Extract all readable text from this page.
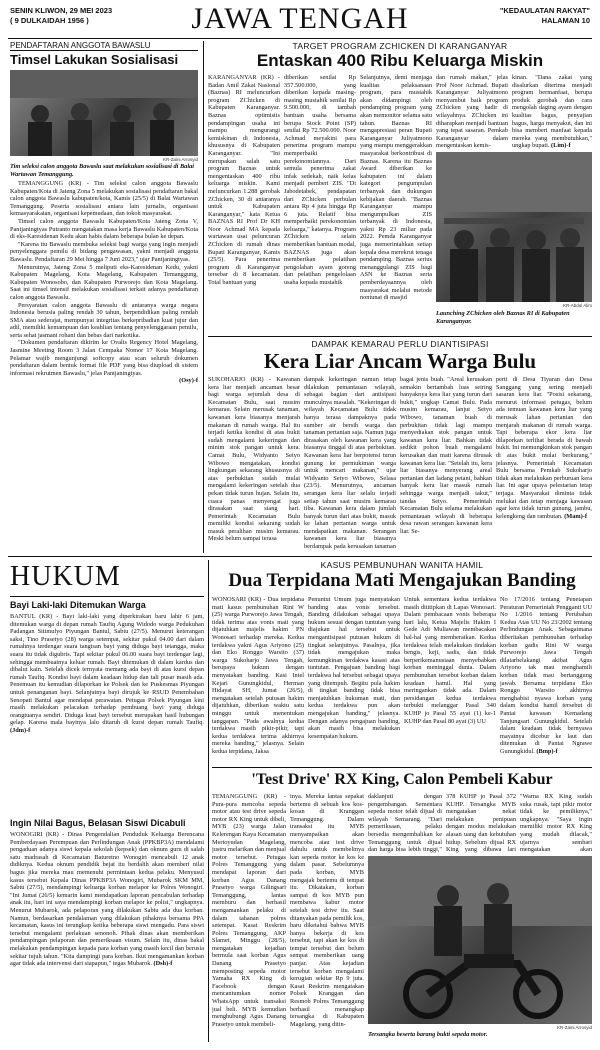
SENIN KLIWON, 29 MEI 2023
( 9 DULKAIDAH 1956 )	JAWA TENGAH	"KEDAULATAN RAKYAT"
HALAMAN 10
PENDAFTARAN ANGGOTA BAWASLU
Timsel Lakukan Sosialisasi
KR-Zaini Arrosyid
Tim seleksi calon anggota Bawaslu saat melakukan sosialisasi di Balai Wartawan Temanggung.

TEMANGGUNG (KR) - Tim seleksi calon anggota Bawaslu Kabupaten/Kota di Jateng Zona 5 melakukan sosialisasi pendaftaran bakal calon anggota Bawaslu kabupaten/kota, Kamis (25/5) di Balai Wartawan Temanggung. Peserta sosialisasi antara lain jurnalis, organisasi kemasyarakatan, organisasi kepemudaan, dan tokoh masyarakat.

Timsel calon anggota Bawaslu Kabupaten/Kota Jateng Zona V, Pantjaningtyas Putranto mengatakan masa kerja Bawaslu Kabupaten/Kota di eks-Karesidenan Kedu akan habis dalam beberapa bulan ke depan.

"Karena itu Bawaslu membuka seleksi bagi warga yang ingin menjadi penyelenggara pemilu di bidang pengawasan, yakni menjadi anggota Bawaslu. Pendaftaran 29 Mei hingga 7 Juni 2023," ujar Pantjaningtyas.

Menurutnya, Jateng Zona 5 meliputi eks-Karesidenan Kedu, yakni Kabupaten Magelang, Kota Magelang, Kabupaten Temanggung, Kabupaten Wonosobo, dan Kabupaten Purworejo dan Kota Magelang. Saat ini timsel intensif melakukan sosialisasi terkait adanya pendaftaran calon anggota Bawaslu.

Persyaratan calon anggota Bawaslu di antaranya warga negara Indonesia berusia paling rendah 30 tahun, berpendidikan paling rendah SMA atau sederajat, mempunyai integritas berkepribadian kuat jujur dan adil, memiliki kemampuan dan keahlian tentang penyelenggaraan pemilu, serta sehat jasmani rohani dan bebas dari narkotika.

"Dokumen pendaftaran dikirim ke Ovalis Regency Hotel Magelang, Jasmine Meeting Room 3 Jalan Cempaka Nomor 17 Kota Magelang. Pelamar wajib mengunjungi softcopy atau scan seluruh dokumen pendaftaran dalam bentuk format file PDF yang bisa diupload di sistem informasi rekrutmen Bawaslu," jelas Pantjaningtyas.

(Osy)-f
TARGET PROGRAM ZCHICKEN DI KARANGANYAR
Entaskan 400 Ribu Keluarga Miskin
KARANGANYAR (KR) - Badan Amil Zakat Nasional (Baznas) RI meluncurkan program ZChicken di Kabupaten Karanganyar. Baznas optimistis pendampingan usaha ini mampu mengurangi kemiskinan di Indonesia, khususnya di Kabupaten Karanganyar. "Ini merupakan salah satu program Baznas untuk mengentaskan 400 ribu keluarga miskin. Kami meluncurkan 1.288 gerobak ZChicken, 30 di antaranya untuk Kabupaten Karanganyar," kata Ketua BAZNAS RI Prof Dr KH Noor Achmad MA kepada wartawan usai peluncuran ZChicken di rumah dinas Bupati Karanganyar, Kamis (25/5). Para penerima program di Karanganyar tersebar di 8 kecamatan. Total bantuan yang
diberikan senilai Rp 357.500.000, yang diberikan kepada masing-masing mustahik senilai Rp 9.500.000, di tambah bantuan usaha bersama berupa Stock Point (SP) senilai Rp 72.500.000. Noor Achmad meyakini para penerima program mampu memperbaiki perekonomiannya. Dari semula penerima zakat infak sedekah, naik kelas menjadi pemberi ZIS. "Di Jabodetabek, pendapatan dari ZChicken perbulan antara Rp 4 juta hingga Rp 6 juta. Relatif bisa memperbaiki perekonomian keluarga," katanya. Program ZChicken selain memberikan bantuan modal, BAZNAS juga akan memberikan pelatihan pengolahan ayam goreng dan pelatihan pengelolaan usaha kepada mustahik
Selanjutnya, demi menjaga kualitas pelaksanaan program, para mustahik akan didampingi oleh pendamping program yang akan memonitor selama satu tahun. Baznas RI mengapresiasi peran Bupati Karanganyar Juliyatmono yang mampu menggerakkan masyarakat berkontribusi di Baznas. Karena itu Baznas Award diberikan ke kabupaten ini dalam kategori pengumpulan terbanyak dan dukungan kebijakan daerah. "Baznas Karanganyar mampu mengumpulkan ZIS terbanyak di Indonesia, yakni Rp 23 miliar pada 2022. Pemda Karanganyar juga memerintahkan setiap kepala desa merekrut tenaga pendamping. Baznas serius menanggulangi ZIS bagi ASN ke Baznas serta pemberdayaannya oleh masyarakat melalui metode nontunai di masjid
dan rumah makan," jelas Prof Noor Achmad. Bupati Karanganyar Juliyatmono menyambut baik program ZChicken yang hadir di wilayahnya. ZChicken ini diharapkan menjadi bantuan yang tepat sasaran. Pemkab Karanganyar dalam mengentaskan kemis-
kinan. "Dana zakat yang disalurkan diterima menjadi program bermanfaat, berupa produk gerobak dan cara mengolah daging ayam dengan kualitas bagus, penyajian bagus, harga menyakut, dan ini bisa memberi manfaat kepada mereka yang membutuhkan," ungkap bupati. (Lim)-f
KR-Abdul Alim
Launching ZChicken oleh Baznas RI di Kabupaten Karanganyar.
DAMPAK KEMARAU PERLU DIANTISIPASI
Kera Liar Ancam Warga Bulu
SUKOHARJO (KR) - Kawanan kera liar menjadi ancaman besar bagi warga sejumlah desa di Kecamatan Bulu, saat musim kemarau. Selain merusak tanaman, kawanan kera biasanya menjarah makanan di rumah warga. Hal itu terjadi ketika kondisi di atas bukit sudah mengalami kekeringan dan minim stok pangan untuk kera. Camat Bulu, Widyanto Setyo Wibowo mengatakan, kondisi lingkungan sekarang khususnya di atas perbukitan sudah mulai mengalami kekeringan setelah dua pekan tidak turun hujan. Selain itu, cuaca panas menyengat juga dirasakan saat siang hari. Pemerintah Kecamatan Bulu memiliki kondisi sekarang sudah masuk peralihan musim kemarau. Meski belum sampai terasa
dampak kekeringan namun tetap dilakukan pemantauan wilayah, sebagai bagian dari antisipasi munculnya masalah. "Kekeringan di wilayah Kecamatan Bulu tidak hanya terasa dampaknya pada sumber air bersih warga dan tanaman pertanian saja. Namun juga dirasakan oleh kawanan kera yang biasanya tinggal di atas perbukitan. Kawanan kera liar berpotensi turun gunung ke permukiman warga untuk mencari makanan," ujar Widyanto Setyo Wibowo, Selasa (23/5). Menurutnya, ancaman serangan kera liar selalu terjadi setiap tahun saat musim kemarau tiba. Kawanan kera dalam jumlah banyak turun dari atas bukit, masuk ke lahan pertanian warga untuk mendapatkan makanan. Serangan kawanan kera liar biasanya berdampak pada kerusakan tanaman
bagai jenis buah. "Areal kerusakan semakin bertambah luas seiring banyaknya kera liar yang turun dari bukit," ungkap Camat Bulu. Pada musim kemarau, lanjut Setyo Wibowo, tanaman buah di perbukitan tidak lagi mampu menyediakan stok pangan untuk kawanan kera liar. Bahkan tidak sedikit pohon buah mengalami kerusakan dan mati karena dirusak kawanan kera liar. "Setelah itu, kera liar biasanya menyerang areal pertanian dan ladang petani, bahkan banyak kera liar masuk rumah sehingga warga menjadi takut," tandas Setyo. Pemerintah Kecamatan Bulu selama melakukan pemantauan wilayah di beberapa desa rawan serangan kawanan kera liar. Se-
perti di Desa Tiyaran dan Desa Sanggang yang sering menjadi sasaran kera liar. "Posisi sekarang, menurut informasi petugas, belum ada temuan kawanan kera liar yang merusak lahan pertanian dan menjarah makanan di rumah warga. Tapi beberapa ekor kera liar dilaporkan terlihat berada di bawah bukit. Ini memungkinkan stok pangan di atas bukit mulai berkurang," jelasnya. Pemerintah Kecamatan Bulu bersama Pemkab Sukoharjo tidak akan melakukan perburuan kera liar. Ini agar upaya pelestarian tetap terjaga. Masyarakat diminta tidak melukai dan tetap menjaga kawasan agar kera tidak turun gunung, jambu, kelengkeng dan rambutan. (Mam)-f
HUKUM
Bayi Laki-laki Ditemukan Warga
BANTUL (KR) - Bayi laki-laki yang diperkirakan baru lahir 6 jam, ditemukan warga di depan rumah Taufiq Agung Widodo warga Pedukuhan Padangan Sitimulyo Piyungan Bantul, Sabtu (27/5). Menurut keterangan saksi, Tino Prasetyo (28) warga setempat, sekitar pukul 04.00 dari dalam rumahnya terdengar suara tangisan bayi yang diduga bayi tetangga, maka suara itu tidak digubris. Tapi sekitar pukul 06.00 suara bayi terdengar lagi, sehingga membuatnya keluar rumah. Bayi ditemukan di dalam kardus dan dibalut kain. Setelah dicek ternyata memang ada bayi di atas kursi depan rumah Taufiq. Kondisi bayi dalam keadaan hidup dan tali pusar masih ada. Penemuan itu kemudian dilaporkan ke Polsek dan ke Puskesmas Piyungan untuk penanganan bayi. Selanjutnya bayi dirujuk ke RSUD Penembahan Senopati Bantul agar mendapat perawatan. Petugas Polsek Piyungan kini masih melakukan pelacakan terhadap pembuang bayi yang diduga orangtuanya sendiri. Diduga kuat bayi tersebut merupakan hasil hubungan gelap. Karena mala bayinya lalu ditaruh di kursi depan rumah Taufiq. (Jdm)-f
Ingin Nilai Bagus, Belasan Siswi Dicabuli
WONOGIRI (KR) - Dinas Pengendalian Penduduk Keluarga Berencana Pemberdayaan Perempuan dan Perlindungan Anak (PPKBP3A) mendalami pengaduan adanya siswi kepala sekolah (kepsek) dan oknum guru di salah satu madrasah di Kecamatan Baturetno Wonogiri mencabuli 12 anak didiknya. Kedua oknum pendidik bejat itu berdalih akan memberi nilai bagus jika mereka mau memenuhi permintaan kedua pelaku. Menyusul kasus tersebut Kepala Dinas PPKBP3A Wonogiri, Mubarok SKM MM, Sabtu (27/5), mendampingi keluarga korban melapor ke Polres Wonogiri. "Ini Jumat (26/5) kemarin kami mendapatkan laporan pencabulan terhadap anak itu, hari ini saya mendampingi korban melapor ke polisi," ungkapnya. Menurut Mubarok, ada pelaporan yang dilakukan Sabtu ada dua korban. Namun, berdasarkan pendalaman yang dilakukan pihaknya bersama PPA kecamatan, kasus ini terungkap ketika beberapa siswi mengadu. Para siswi tersebut mengalami perlakuan senonoh. Pihak dinas akan memberikan pendampingan pelaporan dan pemeriksaan visum. Selain itu, dinas bakal melakukan pendampingan kepada para korban yang masih kecil dan berusia sekitar tujuh tahun. "Kita dampingi para korban. Ikut mengamankan korban agar tidak ada intervensi dari siapapun," tegas Mubarok. (Dsh)-f
KASUS PEMBUNUHAN WANITA HAMIL
Dua Terpidana Mati Mengajukan Banding
WONOSARI (KR) - Dua terpidana mati kasus pembunuhan Rini W (25) warga Purworejo Jawa Tengah, tidak terima atas vonis mati yang dijatuhkan majelis hakim PN Wonosari terhadap mereka. Kedua terdakwa yakni Agus Ariyono (25) dan Eko Ronggo Warsito (37) warga Sukoharjo Jawa Tengah, berupaya hukum dengan menyatakan banding. Kasi Intel Kejari Gunungkidul, Herman Hidayat SH, Jumat (26/5), mengatakan setelah putusan hakim dijatuhkan, diberikan waktu satu minggu untuk menentukan tanggapan. "Pada awalnya kedua terdakwa masih pikir-pikir, tapi kedua terdakwa terima akhirnya mereka banding," jelasnya. Selain kedua terpidana, Jaksa
Penuntut Umum juga menyatakan banding atas vonis tersebut. Banding dilakukan sebagai upaya hukum sesuai dengan tuntutan yang diajukan hal tersebut untuk mengantisipasi putusan hukum di tingkat selanjutnya. Pasalnya, jika tidak mengajukan maka kemungkinan terdakwa kasasi atas tuntutan. Pengajuan banding bagi terdakwa hal tersebut sebagai upaya yang ditempuh. Begitu pula hakim di tingkat banding tidak bisa menjatuhkan hukuman mati, dan kedua terdakwa pun akan mengajukan banding," jelasnya. Dengan adanya pengajuan banding, akan masih bisa melakukan kesempatan hukum.
Untuk sementara kedua terdakwa masih dititipkan di Lapas Wonosari. Dalam pembacaan vonis beberapa hari lalu, Ketua Majelis Hakim I Gede Adi Muliawan membacakan hal-hal yang memberatkan. Kedua terdakwa telah melakukan tindakan bengis, keji, sadis, dan tidak berperikemanusiaan menyebabkan korban meninggal dunia. Dalam pembunuhan tersebut korban dalam keadaan hamil. Hal yang meringankan tidak ada. Dalam persidangan kedua terdakwa terbukti melanggar Pasal 340 KUHP jo Pasal 55 ayat (1) ke-1 KUHP dan Pasal 80 ayat (3) UU
No 17/2016 tentang Penetapan Peraturan Pemerintah Pengganti UU No 1/2016 tentang Perubahan Kedua Atas UU No 23/2002 tentang Perlindungan Anak. Sebagaimana diberitakan pembunuhan terhadap korban gadis Rini W warga Purworejo Jawa Tengah dilatarbelakangi akibat Agus Ariyono tak mau menghamili korban tidak mau bertanggung jawab. Bersama terpidana Eko Ronggo Warsito akhirnya menghabisi nyawa korban yang dalam kondisi hamil tersebut di Pantai kawasan Kemadang Tanjungsari Gunungkidul. Setelah dalam keadaan tidak bernyawa mayatnya dicebur ke laut dan ditemukan di Pantai Ngrawe Gunungkidul. (Bmp)-f
'Test Drive' RX King, Calon Pembeli Kabur
TEMANGGUNG (KR) - Pura-pura mencoba sepeda motor atau test drive sepeda motor RX King untuk dibeli, MYB (23) warga Jalan Kelerengan Kaya Kecamatan Mertoyudan Magelang, justru melarikan dan menjual motor tersebut. Petugas Polres Temanggung yang mendapat laporan dari korban Agus Danang Prasetyo warga Gilingsari Temanggung, lantas memburu dan berhasil mengamankan pelaku di dalam tahanan polres setempat. Kasat Reskrim Polres Temanggung, AKP Slamet, Minggu (28/5), mengatakan kejadian bermula saat korban Agus Danang Prasetyo memposting sepeda motor Yamaha RX King di Facebook dengan mencantumkan nomor WhatsApp untuk transaksi jual beli. MYB kemudian menghubungi Agus Danang Prasetyo untuk membeli-
inya. Mereka lantas sepakat bertemu di sebuah kos kos-kosan di Kranggan Temanggung. Dalam transaksi itu MYB menyampaikan akan mencoba atau test drive dahulu untuk membelinya kan sepeda motor ke kos ke dalam pasar. Sebelumnya pada korban, MYB mengajak bertemu di tempat itu. Dikatakan, korban sampai di kos MYB pun membawa kabur motor setelah test drive itu. Saat ditanyakan pada pemilik kos, baru diketahui bahwa MYB hanya bekerja di kos tersebut, tapi akan ke kos di tempat tersebut dan belum sempat memberikan uang panjar. Atas kejadian tersebut korban mengalami kerugian sekitar Rp 9 juta. Kasat Reskrim mengatakan Polsek Kranggan dan Resmob Polres Temanggung berhasil menangkap tersangka di Kabupaten Magelang, yang ditin-
daklanjuti dengan pengembangan. Sementara sepeda motor telah dijual di wilayah Semarang. "Dari pemeriksaan, pelaku bersedia mengembalikan ke Temanggung untuk dijual dan harga bisa lebih tinggi,"
378 KUHP jo Pasal 372 KUHP. Tersangka MYB mengatakan nekat melakukan penipuan dengan modus melakukan alasan uang dan kebutuhan hidup. Sebelum dijual RX King yang dibawa lari
"Warna RX King sudah suka rusak, tapi pikir motor tidak ke pemiliknya," ungkapnya. "Saya ingin memiliki motor RX King yang mudah dilacak," ujarnya sembari mengatakan akan
KR-Zaini Arrosyid
Tersangka beserta barang bukti sepeda motor.
